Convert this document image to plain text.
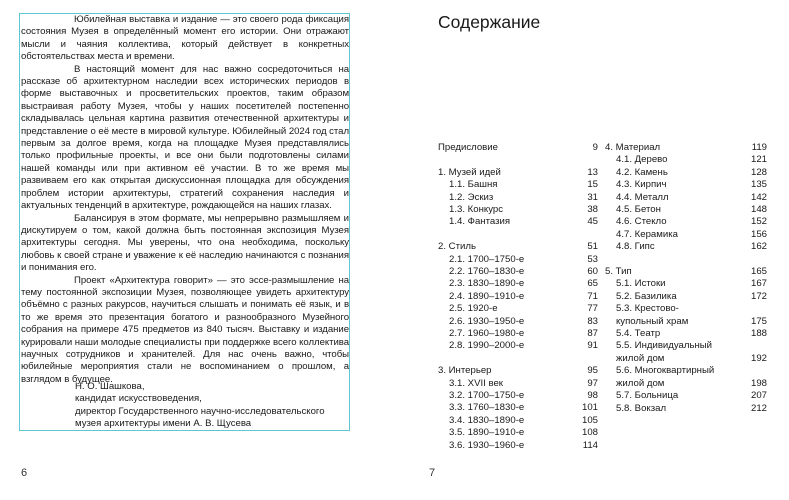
Юбилейная выставка и издание — это своего рода фиксация состояния Музея в определённый момент его истории. Они отражают мысли и чаяния коллектива, который действует в конкретных обстоятельствах места и времени.

В настоящий момент для нас важно сосредоточиться на рассказе об архитектурном наследии всех исторических периодов в форме выставочных и просветительских проектов, таким образом выстраивая работу Музея, чтобы у наших посетителей постепенно складывалась цельная картина развития отечественной архитектуры и представление о её месте в мировой культуре. Юбилейный 2024 год стал первым за долгое время, когда на площадке Музея представлялись только профильные проекты, и все они были подготовлены силами нашей команды или при активном её участии. В то же время мы развиваем его как открытая дискуссионная площадка для обсуждения проблем истории архитектуры, стратегий сохранения наследия и актуальных тенденций в архитектуре, рождающейся на наших глазах.

Балансируя в этом формате, мы непрерывно размышляем и дискутируем о том, какой должна быть постоянная экспозиция Музея архитектуры сегодня. Мы уверены, что она необходима, поскольку любовь к своей стране и уважение к её наследию начинаются с познания и понимания его.

Проект «Архитектура говорит» — это эссе-размышление на тему постоянной экспозиции Музея, позволяющее увидеть архитектуру объёмно с разных ракурсов, научиться слышать и понимать её язык, и в то же время это презентация богатого и разнообразного Музейного собрания на примере 475 предметов из 840 тысяч. Выставку и издание курировали наши молодые специалисты при поддержке всего коллектива научных сотрудников и хранителей. Для нас очень важно, чтобы юбилейные мероприятия стали не воспоминанием о прошлом, а взглядом в будущее.

Н. О. Шашкова,
кандидат искусствоведения,
директор Государственного научно-исследовательского
музея архитектуры имени А. В. Щусева
6
Содержание
Предисловие	9
1. Музей идей	13
1.1. Башня	15
1.2. Эскиз	31
1.3. Конкурс	38
1.4. Фантазия	45
2. Стиль	51
2.1. 1700–1750-е	53
2.2. 1760–1830-е	60
2.3. 1830–1890-е	65
2.4. 1890–1910-е	71
2.5. 1920-е	77
2.6. 1930–1950-е	83
2.7. 1960–1980-е	87
2.8. 1990–2000-е	91
3. Интерьер	95
3.1. XVII век	97
3.2. 1700–1750-е	98
3.3. 1760–1830-е	101
3.4. 1830–1890-е	105
3.5. 1890–1910-е	108
3.6. 1930–1960-е	114
4. Материал	119
4.1. Дерево	121
4.2. Камень	128
4.3. Кирпич	135
4.4. Металл	142
4.5. Бетон	148
4.6. Стекло	152
4.7. Керамика	156
4.8. Гипс	162
5. Тип	165
5.1. Истоки	167
5.2. Базилика	172
5.3. Крестово-купольный храм	175
5.4. Театр	188
5.5. Индивидуальный жилой дом	192
5.6. Многоквартирный жилой дом	198
5.7. Больница	207
5.8. Вокзал	212
7
